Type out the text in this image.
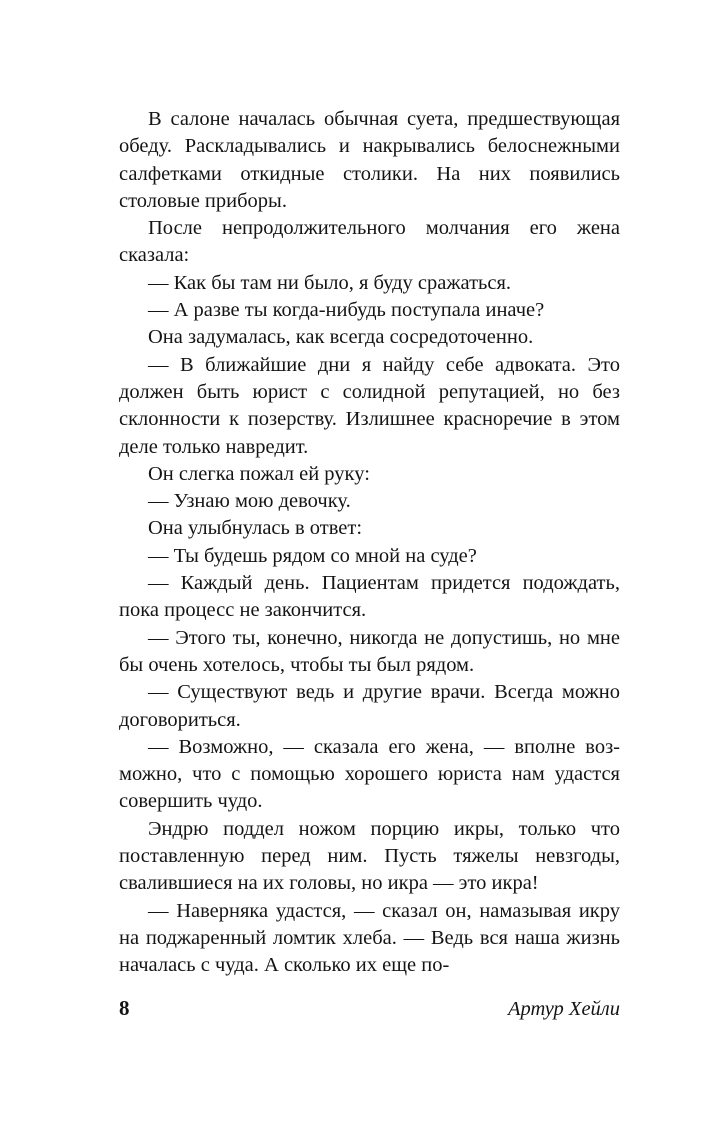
В салоне началась обычная суета, предшествующая обеду. Раскладывались и накрывались белоснежными салфетками откидные столики. На них появились столовые приборы.

После непродолжительного молчания его жена сказала:

— Как бы там ни было, я буду сражаться.

— А разве ты когда-нибудь поступала иначе?

Она задумалась, как всегда сосредоточенно.

— В ближайшие дни я найду себе адвоката. Это должен быть юрист с солидной репутацией, но без склонности к позерству. Излишнее красноречие в этом деле только навредит.

Он слегка пожал ей руку:

— Узнаю мою девочку.

Она улыбнулась в ответ:

— Ты будешь рядом со мной на суде?

— Каждый день. Пациентам придется подождать, пока процесс не закончится.

— Этого ты, конечно, никогда не допустишь, но мне бы очень хотелось, чтобы ты был рядом.

— Существуют ведь и другие врачи. Всегда можно договориться.

— Возможно, — сказала его жена, — вполне возможно, что с помощью хорошего юриста нам удастся совершить чудо.

Эндрю поддел ножом порцию икры, только что поставленную перед ним. Пусть тяжелы невзгоды, свалившиеся на их головы, но икра — это икра!

— Наверняка удастся, — сказал он, намазывая икру на поджаренный ломтик хлеба. — Ведь вся наша жизнь началась с чуда. А сколько их еще по-

8	Артур Хейли
